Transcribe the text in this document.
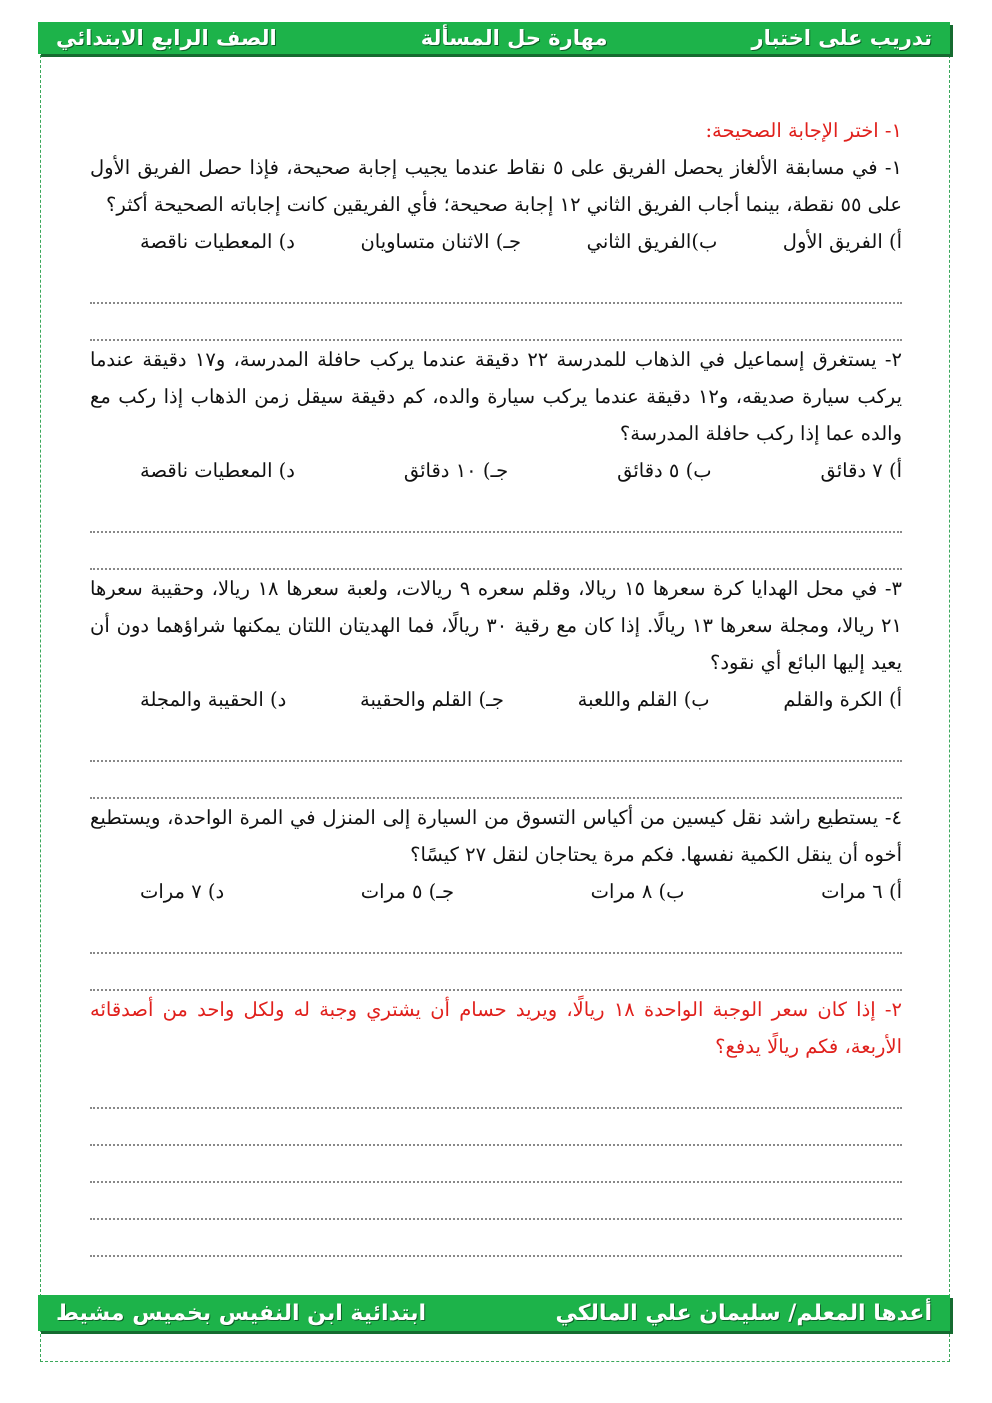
تدريب على اختبار
مهارة حل المسألة
الصف الرابع الابتدائي
١- اختر الإجابة الصحيحة:

١- في مسابقة الألغاز يحصل الفريق على ٥ نقاط عندما يجيب إجابة صحيحة، فإذا حصل الفريق الأول على ٥٥ نقطة، بينما أجاب الفريق الثاني ١٢ إجابة صحيحة؛ فأي الفريقين كانت إجاباته الصحيحة أكثر؟

أ) الفريق الأول
ب)الفريق الثاني
جـ) الاثنان متساويان
د) المعطيات ناقصة

٢- يستغرق إسماعيل في الذهاب للمدرسة ٢٢ دقيقة عندما يركب حافلة المدرسة، و١٧ دقيقة عندما يركب سيارة صديقه، و١٢ دقيقة عندما يركب سيارة والده، كم دقيقة سيقل زمن الذهاب إذا ركب مع والده عما إذا ركب حافلة المدرسة؟

أ) ٧ دقائق
ب) ٥ دقائق
جـ) ١٠ دقائق
د) المعطيات ناقصة

٣- في محل الهدايا كرة سعرها ١٥ ريالا، وقلم سعره ٩ ريالات، ولعبة سعرها ١٨ ريالا، وحقيبة سعرها ٢١ ريالا، ومجلة سعرها ١٣ ريالًا. إذا كان مع رقية ٣٠ ريالًا، فما الهديتان اللتان يمكنها شراؤهما دون أن يعيد إليها البائع أي نقود؟

أ) الكرة والقلم
ب) القلم واللعبة
جـ) القلم والحقيبة
د) الحقيبة والمجلة

٤- يستطيع راشد نقل كيسين من أكياس التسوق من السيارة إلى المنزل في المرة الواحدة، ويستطيع أخوه أن ينقل الكمية نفسها. فكم مرة يحتاجان لنقل ٢٧ كيسًا؟

أ) ٦ مرات
ب) ٨ مرات
جـ) ٥ مرات
د) ٧ مرات

٢- إذا كان سعر الوجبة الواحدة ١٨ ريالًا، ويريد حسام أن يشتري وجبة له ولكل واحد من أصدقائه الأربعة، فكم ريالًا يدفع؟

أعدها المعلم/ سليمان علي المالكي
ابتدائية ابن النفيس بخميس مشيط
